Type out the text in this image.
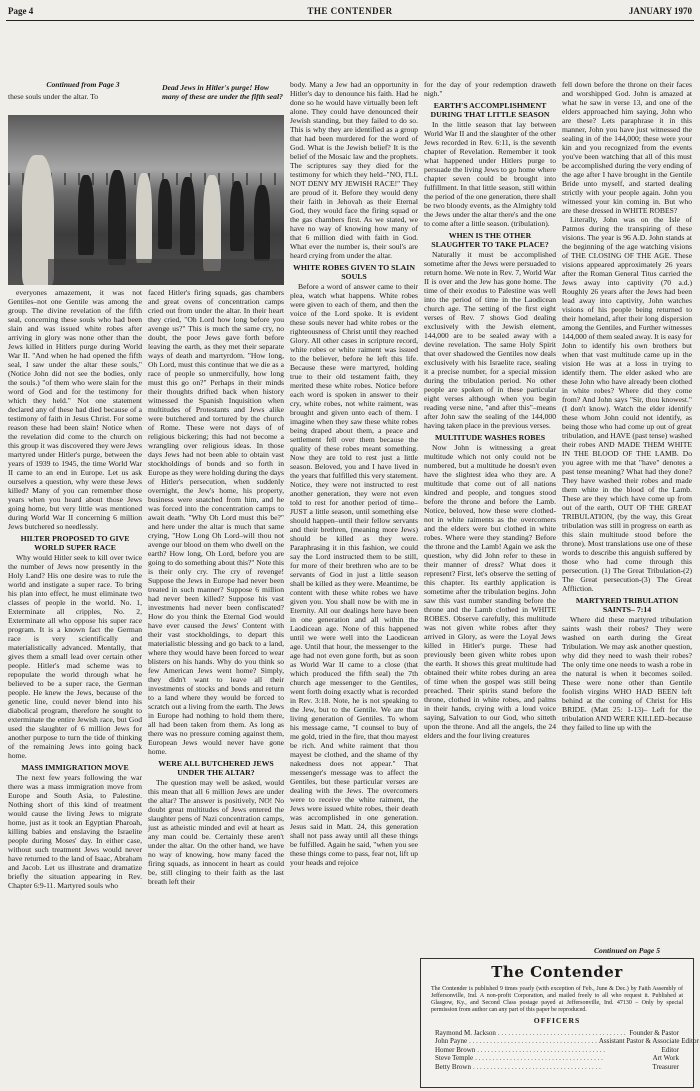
Page 4	THE CONTENDER	JANUARY 1970

Continued from Page 3

these souls under the altar. To

Dead Jews in Hitler's purge! How many of these are under the fifth seal?

everyones amazement, it was not Gentiles–not one Gentile was among the group. The divine revelation of the fifth seal, concerning these souls who had been slain and was issued white robes after arriving in glory was none other than the Jews killed in Hitlers purge during World War II. "And when he had opened the fifth seal, I saw under the altar these souls," (Notice John did not see the bodies, only the souls.) "of them who were slain for the word of God and for the testimony for which they held." Not one statement declared any of these had died because of a testimony of faith in Jesus Christ. For some reason these had been slain! Notice when the revelation did come to the church on this group it was discovered they were Jews martyred under Hitler's purge, between the years of 1939 to 1945, the time World War II came to an end in Europe. Let us ask ourselves a question, why were these Jews killed? Many of you can remember those years when you heard about those Jews going home, but very little was mentioned during World War II concerning 6 million Jews butchered so needlessly.

HILTER PROPOSED TO GIVE WORLD SUPER RACE

Why would Hitler seek to kill over twice the number of Jews now presently in the Holy Land? His one desire was to rule the world and instigate a super race. To bring his plan into effect, he must eliminate two classes of people in the world. No. 1, Exterminate all cripples, No. 2, Exterminate all who oppose his super race program. It is a known fact the German race is very scientifically and materialistically advanced. Mentally, that gives them a small lead over certain other people. Hitler's mad scheme was to repopulate the world through what he believed to be a super race, the German people. He knew the Jews, because of the genetic line, could never blend into his diabolical program, therefore he sought to exterminate the entire Jewish race, but God used the slaughter of 6 million Jews for another purpose to turn the tide of thinking of the remaining Jews into going back home.

MASS IMMIGRATION MOVE

The next few years following the war there was a mass immigration move from Europe and South Asia, to Palestine. Nothing short of this kind of treatment would cause the living Jews to migrate home, just as it took an Egyptian Pharoah, killing babies and enslaving the Israelite people during Moses' day. In either case, without such treatment Jews would never have returned to the land of Isaac, Abraham and Jacob. Let us illustrate and dramatize briefly the situation appearing in Rev. Chapter 6:9-11. Martyred souls who

faced Hitler's firing squads, gas chambers and great ovens of concentration camps cried out from under the altar. In their heart they cried, "Oh Lord how long before you avenge us?" This is much the same cry, no doubt, the poor Jews gave forth before leaving the earth, as they met their separate ways of death and martyrdom. "How long, Oh Lord, must this continue that we die as a race of people so unmercifully, how long must this go on?" Perhaps in their minds their thoughts drifted back when history witnessed the Spanish Inquisition when multitudes of Protestants and Jews alike were butchered and tortured by the church of Rome. These were not days of of religious bickering; this had not become a wrangling over religious ideas. In those days Jews had not been able to obtain vast stockholdings of bonds and so forth in Europe as they were holding during the days of Hitler's persecution, when suddenly overnight, the Jew's home, his property, business were snatched from him, and he was forced into the concentration camps to await death. "Why Oh Lord must this be?" and here under the altar is much that same crying, "How Long Oh Lord–will thou not avenge our blood on them who dwell on the earth? How long, Oh Lord, before you are going to do something about this?" Note this is their only cry. The cry of revenge! Suppose the Jews in Europe had never been treated in such manner? Suppose 6 million had never been killed? Suppose his vast investments had never been confiscated? How do you think the Eternal God would have ever caused the Jews' Content with their vast stockholdings, to depart this materialistic blessing and go back to a land, where they would have been forced to wear blisters on his hands. Why do you think so few American Jews went home? Simply, they didn't want to leave all their investments of stocks and bonds and return to a land where they would be forced to scratch out a living from the earth. The Jews in Europe had nothing to hold them there, all had been taken from them. As long as there was no pressure coming against them, European Jews would never have gone home.

WERE ALL BUTCHERED JEWS UNDER THE ALTAR?

The question may well be asked, would this mean that all 6 million Jews are under the altar? The answer is positively, NO! No doubt great multitudes of Jews entered the slaughter pens of Nazi concentration camps, just as atheistic minded and evil at heart as any man could be. Certainly these aren't under the altar. On the other hand, we have no way of knowing, how many faced the firing squads, as innocent in heart as could be, still clinging to their faith as the last breath left their

body. Many a Jew had an opportunity in Hitler's day to denounce his faith. Had he done so he would have virtually been left alone. They could have denounced their Jewish standing, but they failed to do so. This is why they are identified as a group that had been murdered for the word of God. What is the Jewish belief? It is the belief of the Mosaic law and the prophets. The scriptures say they died for the testimony for which they held–"NO, I'LL NOT DENY MY JEWISH RACE!" They are proud of it. Before they would deny their faith in Jehovah as their Eternal God, they would face the firing squad or the gas chambers first. As we stated, we have no way of knowing how many of that 6 million died with faith in God. What ever the number is, their soul's are heard crying from under the altar.

WHITE ROBES GIVEN TO SLAIN SOULS

Before a word of answer came to their plea, watch what happens. White robes were given to each of them, and then the voice of the Lord spoke. It is evident these souls never had white robes or the righteousness of Christ until they reached Glory. All other cases in scripture record, white robes or white raiment was issued to the believer, before he left this life. Because these were martyred, holding true to their old testament faith, they merited these white robes. Notice before each word is spoken in answer to their cry, white robes, not white raiment, was brought and given unto each of them. I imagine when they saw these white robes being draped about them, a peace and settlement fell over them because the quality of these robes meant something. Now they are told to rest just a little season. Beloved, you and I have lived in the years that fulfilled this very statement. Notice, they were not instructed to rest another generation, they were not even told to rest for another period of time– JUST a little season, until something else should happen–until their fellow servants and their brethren, (meaning more Jews) should be killed as they were. Paraphrasing it in this fashion, we could say the Lord instructed them to be still, for more of their brethren who are to be servants of God in just a little season shall be killed as they were. Meantime, be content with these white robes we have given you. You shall now be with me in Eternity. All our dealings here have been in one generation and all within the Laodicean age. None of this happened until we were well into the Laodicean age. Until that hour, the messenger to the age had not even gone forth, but as soon as World War II came to a close (that which produced the fifth seal) the 7th church age messenger to the Gentiles, went forth doing exactly what is recorded in Rev. 3:18. Note, he is not speaking to the Jew, but to the Gentile. We are that living generation of Gentiles. To whom his message came, "I counsel to buy of me gold, tried in the fire, that thou mayest be rich. And white raiment that thou mayest be clothed, and the shame of thy nakedness does not appear." That messenger's message was to affect the Gentiles, but these particular verses are dealing with the Jews. The overcomers were to receive the white raiment, the Jews were issued white robes, their death was accomplished in one generation. Jesus said in Matt. 24, this generation shall not pass away until all these things be fulfilled. Again he said, "when you see these things come to pass, fear not, lift up your heads and rejoice

for the day of your redemption draweth nigh."

EARTH'S ACCOMPLISHMENT DURING THAT LITTLE SEASON

In the little season that lay between World War II and the slaughter of the other Jews recorded in Rev. 6:11, is the seventh chapter of Revelation. Remember it took what happened under Hitlers purge to persuade the living Jews to go home where chapter seven could be brought into fulfillment. In that little season, still within the period of the one generation, there shall be two bloody events, as the Almighty told the Jews under the altar there's and the one to come after a little season. (tribulation).

WHEN IS THE OTHER SLAUGHTER TO TAKE PLACE?

Naturally it must be accomplished sometime after the Jews were persuaded to return home. We note in Rev. 7, World War II is over and the Jew has gone home. The time of their exodus to Palestine was well into the period of time in the Laodicean church age. The setting of the first eight verses of Rev. 7 shows God dealing exclusively with the Jewish element, 144,000 are to be sealed away with a devine revelation. The same Holy Spirit that over shadowed the Gentiles now deals exclusively with his Israelite race, sealing it a precise number, for a special mission during the tribulation period. No other people are spoken of in these particular eight verses although when you begin reading verse nine, "and after this"–means after John saw the sealing of the 144,000 having taken place in the previous verses.

MULTITUDE WASHES ROBES

Now John is witnessing a great multitude which not only could not be numbered, but a multitude he doesn't even have the slightest idea who they are. A multitude that come out of all nations kindred and people, and tongues stood before the throne and before the Lamb. Notice, beloved, how these were clothed-not in white raiments as the overcomers and the elders were but clothed in white robes. Where were they standing? Before the throne and the Lamb! Again we ask the question, why did John refer to these in their manner of dress? What does it represent? First, let's observe the setting of this chapter. Its earthly application is sometime after the tribulation begins. John saw this vast number standing before the throne and the Lamb clothed in WHITE ROBES. Observe carefully, this multitude was not given white robes after they arrived in Glory, as were the Loyal Jews killed in Hitler's purge. These had previously been given white robes upon the earth. It shows this great multitude had obtained their white robes during an area of time when the gospel was still being preached. Their spirits stand before the throne, clothed in white robes, and palms in their hands, crying with a loud voice saying, Salvation to our God, who sitteth upon the throne. And all the angels, the 24 elders and the four living creatures

fell down before the throne on their faces and worshipped God. John is amazed at what he saw in verse 13, and one of the elders approached him saying, John who are these? Lets paraphrase it in this manner, John you have just witnessed the sealing in of the 144,000; these were your kin and you recognized from the events you've been watching that all of this must be accomplished during the very ending of the age after I have brought in the Gentile Bride unto myself, and started dealing strictly with your people again. John you witnessed your kin coming in. But who are these dressed in WHITE ROBES?

Literally, John was on the Isle of Patmos during the transpiring of these visions. The year is 96 A.D. John stands at the beginning of the age watching visions of THE CLOSING OF THE AGE. These visions appeared approximately 26 years after the Roman General Titus carried the Jews away into captivity (70 a.d.) Roughly 26 years after the Jews had been lead away into captivity, John watches visions of his people being returned to their homeland, after their long dispersion among the Gentiles, and Further witnesses 144,000 of them sealed away. It is easy for John to identify his own brothers but when that vast multitude came up in the vision He was at a loss in trying to identify them. The elder asked who are these John who have already been clothed in white robes? Where did they come from? And John says "Sir, thou knowest." (I don't know). Watch the elder identify these whom John could not identify, as being those who had come up out of great tribulation, and HAVE (past tense) washed their robes AND MADE THEM WHITE IN THE BLOOD OF THE LAMB. Do you agree with me that "have" denotes a past tense meaning? What had they done? They have washed their robes and made them white in the blood of the Lamb. These are they which have come up from out of the earth, OUT OF THE GREAT TRIBULATION, (by the way, this Great tribulation was still in progress on earth as this slain multitude stood before the throne). Most translations use one of these words to describe this anguish suffered by those who had come through this persecution. (1) The Great Tribulation-(2) The Great persecution-(3) The Great Affliction.

MARTYRED TRIBULATION SAINTS– 7:14

Where did these martyred tribulation saints wash their robes? They were washed on earth during the Great Tribulation. We may ask another question, why did they need to wash their robes? The only time one needs to wash a robe in the natural is when it becomes soiled. These were none other than Gentile foolish virgins WHO HAD BEEN left behind at the coming of Christ for His BRIDE. (Matt 25: 1-13)– Left for the tribulation AND WERE KILLED–because they failed to line up with the

Continued on Page 5
The Contender
The Contender is published 9 times yearly (with exception of Feb., June & Dec.) by Faith Assembly of Jeffersonville, Ind. A non-profit Corporation, and mailed freely to all who request it. Published at Glasgow, Ky., and Second Class postage payed at Jeffersonville, Ind. 47130 – Only by special permission from author can any part of this paper be reproduced.
OFFICERS
Raymond M. Jackson . . . . . . . . . . . . . . . . . . . . . . . . . . . . . . . . . . . . . Founder & Pastor
John Payne . . . . . . . . . . . . . . . . . . . . . . . . . . . . . . . . . . . . . Assistant Pastor & Associate Editor
Homer Brown . . . . . . . . . . . . . . . . . . . . . . . . . . . . . . . . . . . . .	Editor
Steve Temple . . . . . . . . . . . . . . . . . . . . . . . . . . . . . . . . . . . . .	Art Work
Betty Brown . . . . . . . . . . . . . . . . . . . . . . . . . . . . . . . . . . . . .	Treasurer
